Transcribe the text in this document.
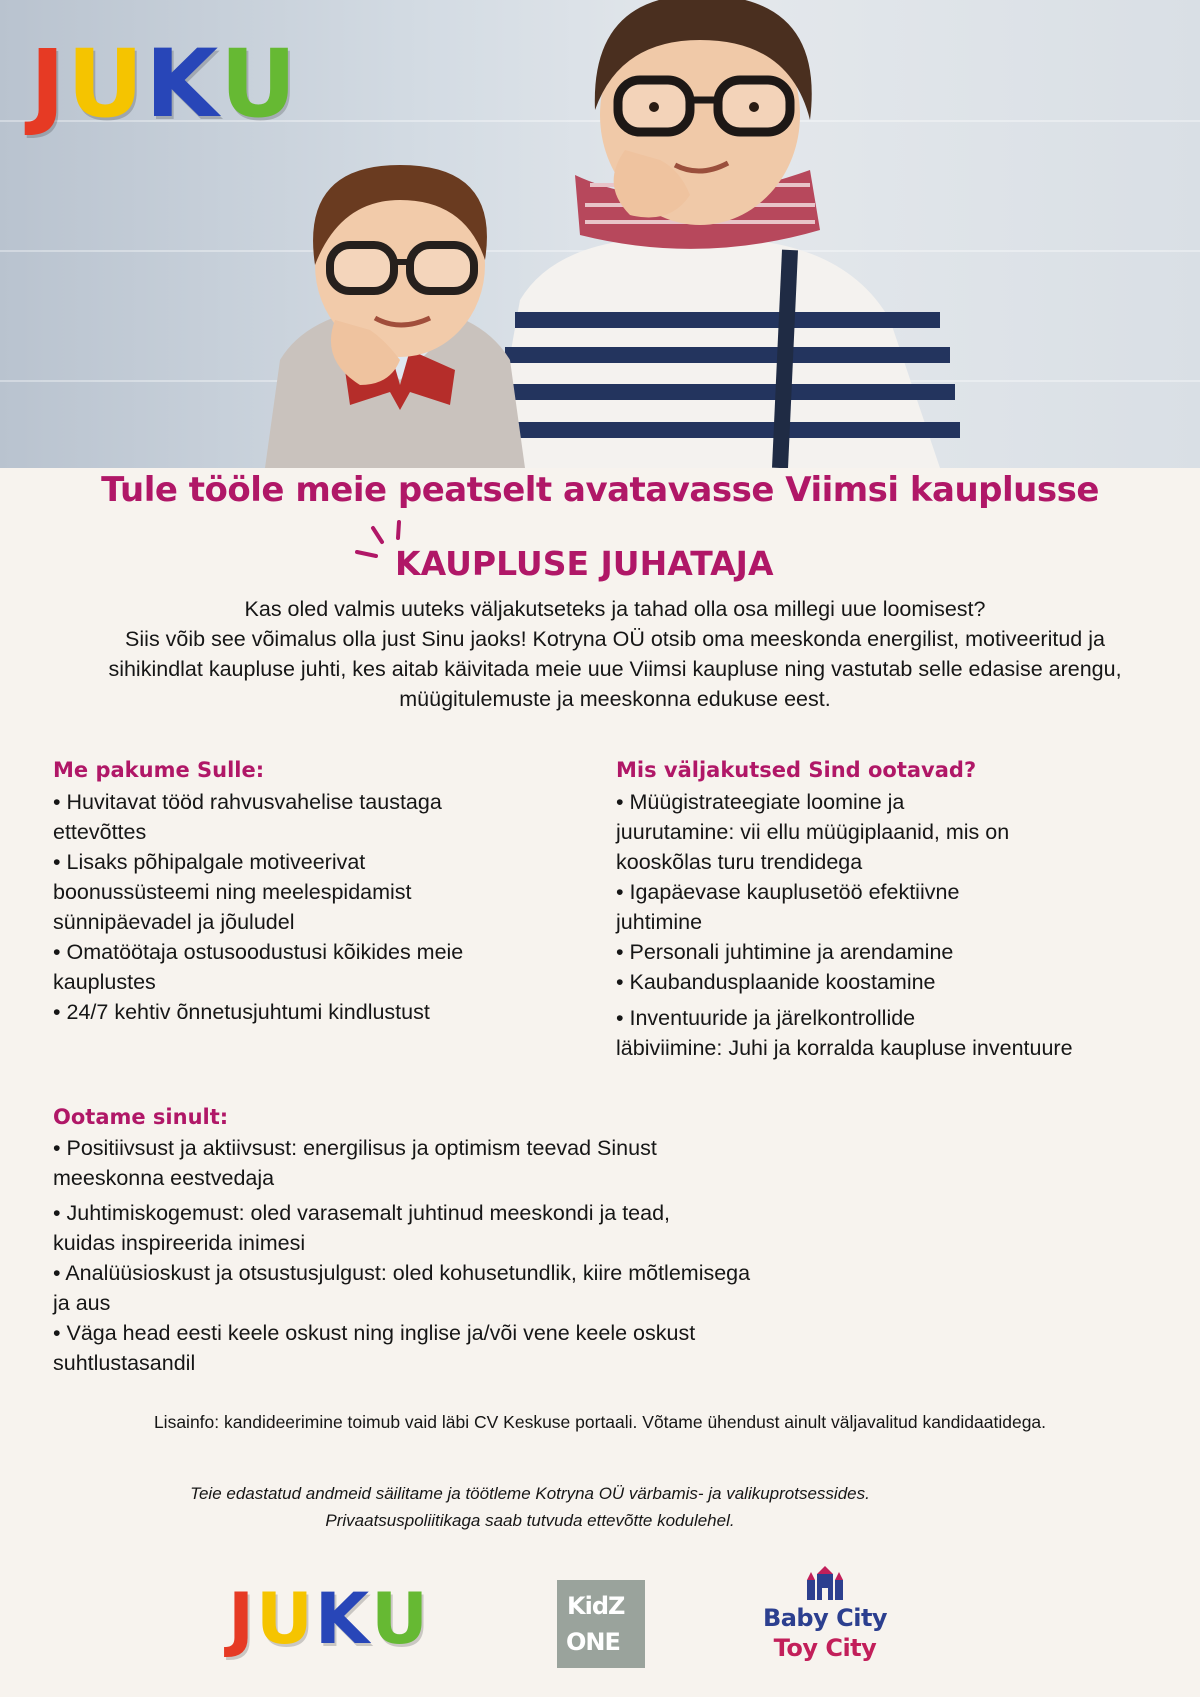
J U K U
Tule tööle meie peatselt avatavasse Viimsi kauplusse
KAUPLUSE JUHATAJA
Kas oled valmis uuteks väljakutseteks ja tahad olla osa millegi uue loomisest?
Siis võib see võimalus olla just Sinu jaoks! Kotryna OÜ otsib oma meeskonda energilist, motiveeritud ja
sihikindlat kaupluse juhti, kes aitab käivitada meie uue Viimsi kaupluse ning vastutab selle edasise arengu,
müügitulemuste ja meeskonna edukuse eest.
Me pakume Sulle:
• Huvitavat tööd rahvusvahelise taustaga
ettevõttes
• Lisaks põhipalgale motiveerivat
boonussüsteemi ning meelespidamist
sünnipäevadel ja jõuludel
• Omatöötaja ostusoodustusi kõikides meie
kauplustes
• 24/7 kehtiv õnnetusjuhtumi kindlustust
Mis väljakutsed Sind ootavad?
• Müügistrateegiate loomine ja
juurutamine: vii ellu müügiplaanid, mis on
kooskõlas turu trendidega
• Igapäevase kauplusetöö efektiivne
juhtimine
• Personali juhtimine ja arendamine
• Kaubandusplaanide koostamine
• Inventuuride ja järelkontrollide
läbiviimine: Juhi ja korralda kaupluse inventuure
Ootame sinult:
• Positiivsust ja aktiivsust: energilisus ja optimism teevad Sinust
meeskonna eestvedaja
• Juhtimiskogemust: oled varasemalt juhtinud meeskondi ja tead,
kuidas inspireerida inimesi
• Analüüsioskust ja otsustusjulgust: oled kohusetundlik, kiire mõtlemisega
ja aus
• Väga head eesti keele oskust ning inglise ja/või vene keele oskust
suhtlustasandil

Lisainfo: kandideerimine toimub vaid läbi CV Keskuse portaali. Võtame ühendust ainult väljavalitud kandidaatidega.

Teie edastatud andmeid säilitame ja töötleme Kotryna OÜ värbamis- ja valikuprotsessides.
Privaatsuspoliitikaga saab tutvuda ettevõtte kodulehel.
J U K U	KidZ
ONE
Baby City
Toy City
